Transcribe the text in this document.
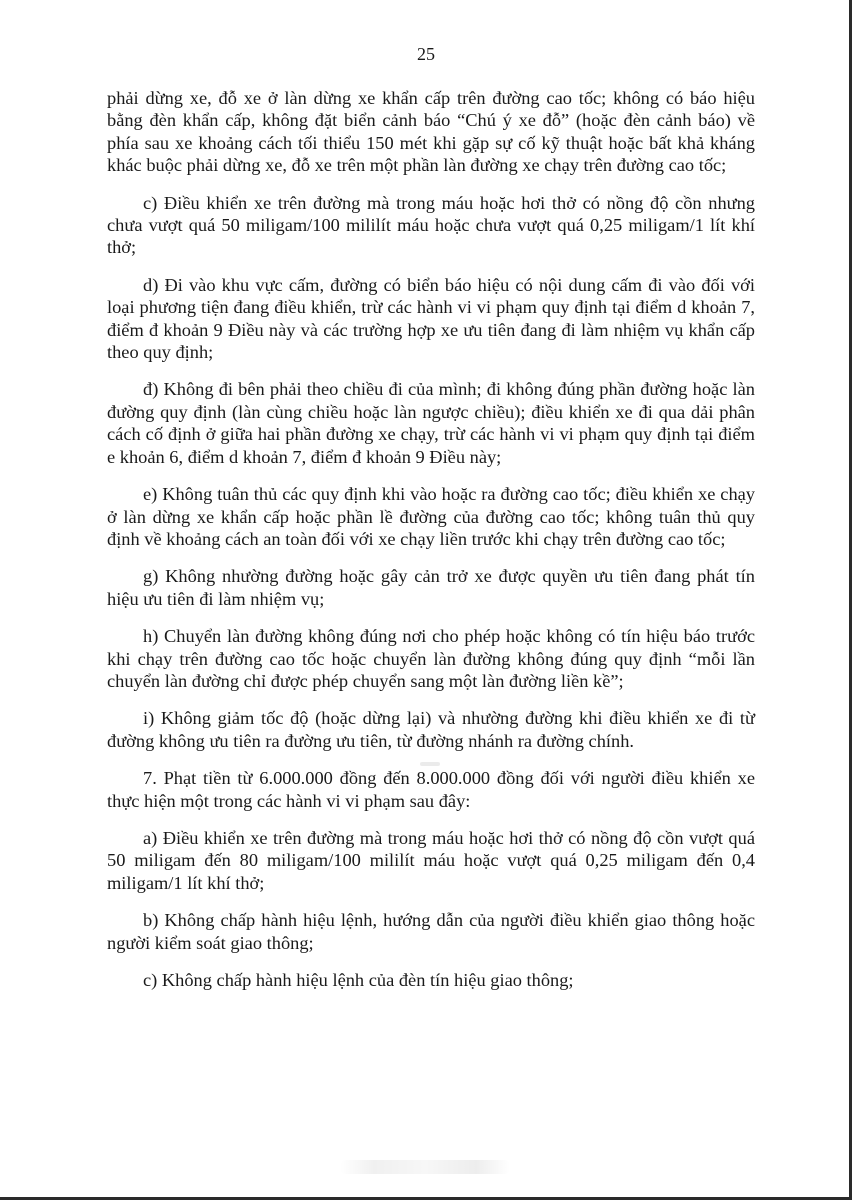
25

phải dừng xe, đỗ xe ở làn dừng xe khẩn cấp trên đường cao tốc; không có báo hiệu bằng đèn khẩn cấp, không đặt biển cảnh báo “Chú ý xe đỗ” (hoặc đèn cảnh báo) về phía sau xe khoảng cách tối thiểu 150 mét khi gặp sự cố kỹ thuật hoặc bất khả kháng khác buộc phải dừng xe, đỗ xe trên một phần làn đường xe chạy trên đường cao tốc;

c) Điều khiển xe trên đường mà trong máu hoặc hơi thở có nồng độ cồn nhưng chưa vượt quá 50 miligam/100 mililít máu hoặc chưa vượt quá 0,25 miligam/1 lít khí thở;

d) Đi vào khu vực cấm, đường có biển báo hiệu có nội dung cấm đi vào đối với loại phương tiện đang điều khiển, trừ các hành vi vi phạm quy định tại điểm d khoản 7, điểm đ khoản 9 Điều này và các trường hợp xe ưu tiên đang đi làm nhiệm vụ khẩn cấp theo quy định;

đ) Không đi bên phải theo chiều đi của mình; đi không đúng phần đường hoặc làn đường quy định (làn cùng chiều hoặc làn ngược chiều); điều khiển xe đi qua dải phân cách cố định ở giữa hai phần đường xe chạy, trừ các hành vi vi phạm quy định tại điểm e khoản 6, điểm d khoản 7, điểm đ khoản 9 Điều này;

e) Không tuân thủ các quy định khi vào hoặc ra đường cao tốc; điều khiển xe chạy ở làn dừng xe khẩn cấp hoặc phần lề đường của đường cao tốc; không tuân thủ quy định về khoảng cách an toàn đối với xe chạy liền trước khi chạy trên đường cao tốc;

g) Không nhường đường hoặc gây cản trở xe được quyền ưu tiên đang phát tín hiệu ưu tiên đi làm nhiệm vụ;

h) Chuyển làn đường không đúng nơi cho phép hoặc không có tín hiệu báo trước khi chạy trên đường cao tốc hoặc chuyển làn đường không đúng quy định “mỗi lần chuyển làn đường chỉ được phép chuyển sang một làn đường liền kề”;

i) Không giảm tốc độ (hoặc dừng lại) và nhường đường khi điều khiển xe đi từ đường không ưu tiên ra đường ưu tiên, từ đường nhánh ra đường chính.

7. Phạt tiền từ 6.000.000 đồng đến 8.000.000 đồng đối với người điều khiển xe thực hiện một trong các hành vi vi phạm sau đây:

a) Điều khiển xe trên đường mà trong máu hoặc hơi thở có nồng độ cồn vượt quá 50 miligam đến 80 miligam/100 mililít máu hoặc vượt quá 0,25 miligam đến 0,4 miligam/1 lít khí thở;

b) Không chấp hành hiệu lệnh, hướng dẫn của người điều khiển giao thông hoặc người kiểm soát giao thông;

c) Không chấp hành hiệu lệnh của đèn tín hiệu giao thông;
